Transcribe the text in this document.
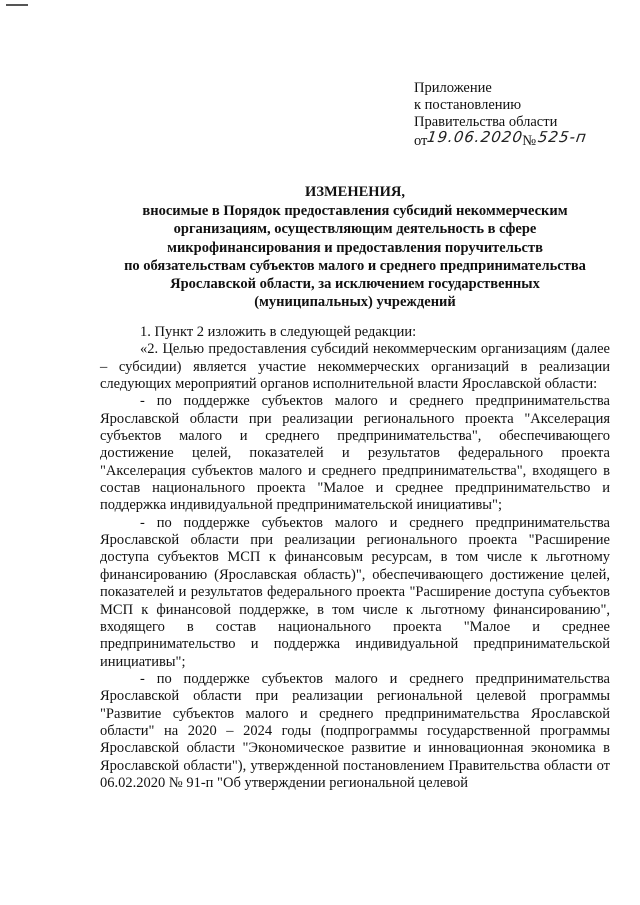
Приложение
к постановлению
Правительства области
от19.06.2020№525-п
ИЗМЕНЕНИЯ,
вносимые в Порядок предоставления субсидий некоммерческим
организациям, осуществляющим деятельность в сфере
микрофинансирования и предоставления поручительств
по обязательствам субъектов малого и среднего предпринимательства
Ярославской области, за исключением государственных
(муниципальных) учреждений

1. Пункт 2 изложить в следующей редакции:

«2. Целью предоставления субсидий некоммерческим организациям (далее – субсидии) является участие некоммерческих организаций в реализации следующих мероприятий органов исполнительной власти Ярославской области:

- по поддержке субъектов малого и среднего предпринимательства Ярославской области при реализации регионального проекта "Акселерация субъектов малого и среднего предпринимательства", обеспечивающего достижение целей, показателей и результатов федерального проекта "Акселерация субъектов малого и среднего предпринимательства", входящего в состав национального проекта "Малое и среднее предпринимательство и поддержка индивидуальной предпринимательской инициативы";

- по поддержке субъектов малого и среднего предпринимательства Ярославской области при реализации регионального проекта "Расширение доступа субъектов МСП к финансовым ресурсам, в том числе к льготному финансированию (Ярославская область)", обеспечивающего достижение целей, показателей и результатов федерального проекта "Расширение доступа субъектов МСП к финансовой поддержке, в том числе к льготному финансированию", входящего в состав национального проекта "Малое и среднее предпринимательство и поддержка индивидуальной предпринимательской инициативы";

- по поддержке субъектов малого и среднего предпринимательства Ярославской области при реализации региональной целевой программы "Развитие субъектов малого и среднего предпринимательства Ярославской области" на 2020 – 2024 годы (подпрограммы государственной программы Ярославской области "Экономическое развитие и инновационная экономика в Ярославской области"), утвержденной постановлением Правительства области от 06.02.2020 № 91-п "Об утверждении региональной целевой
